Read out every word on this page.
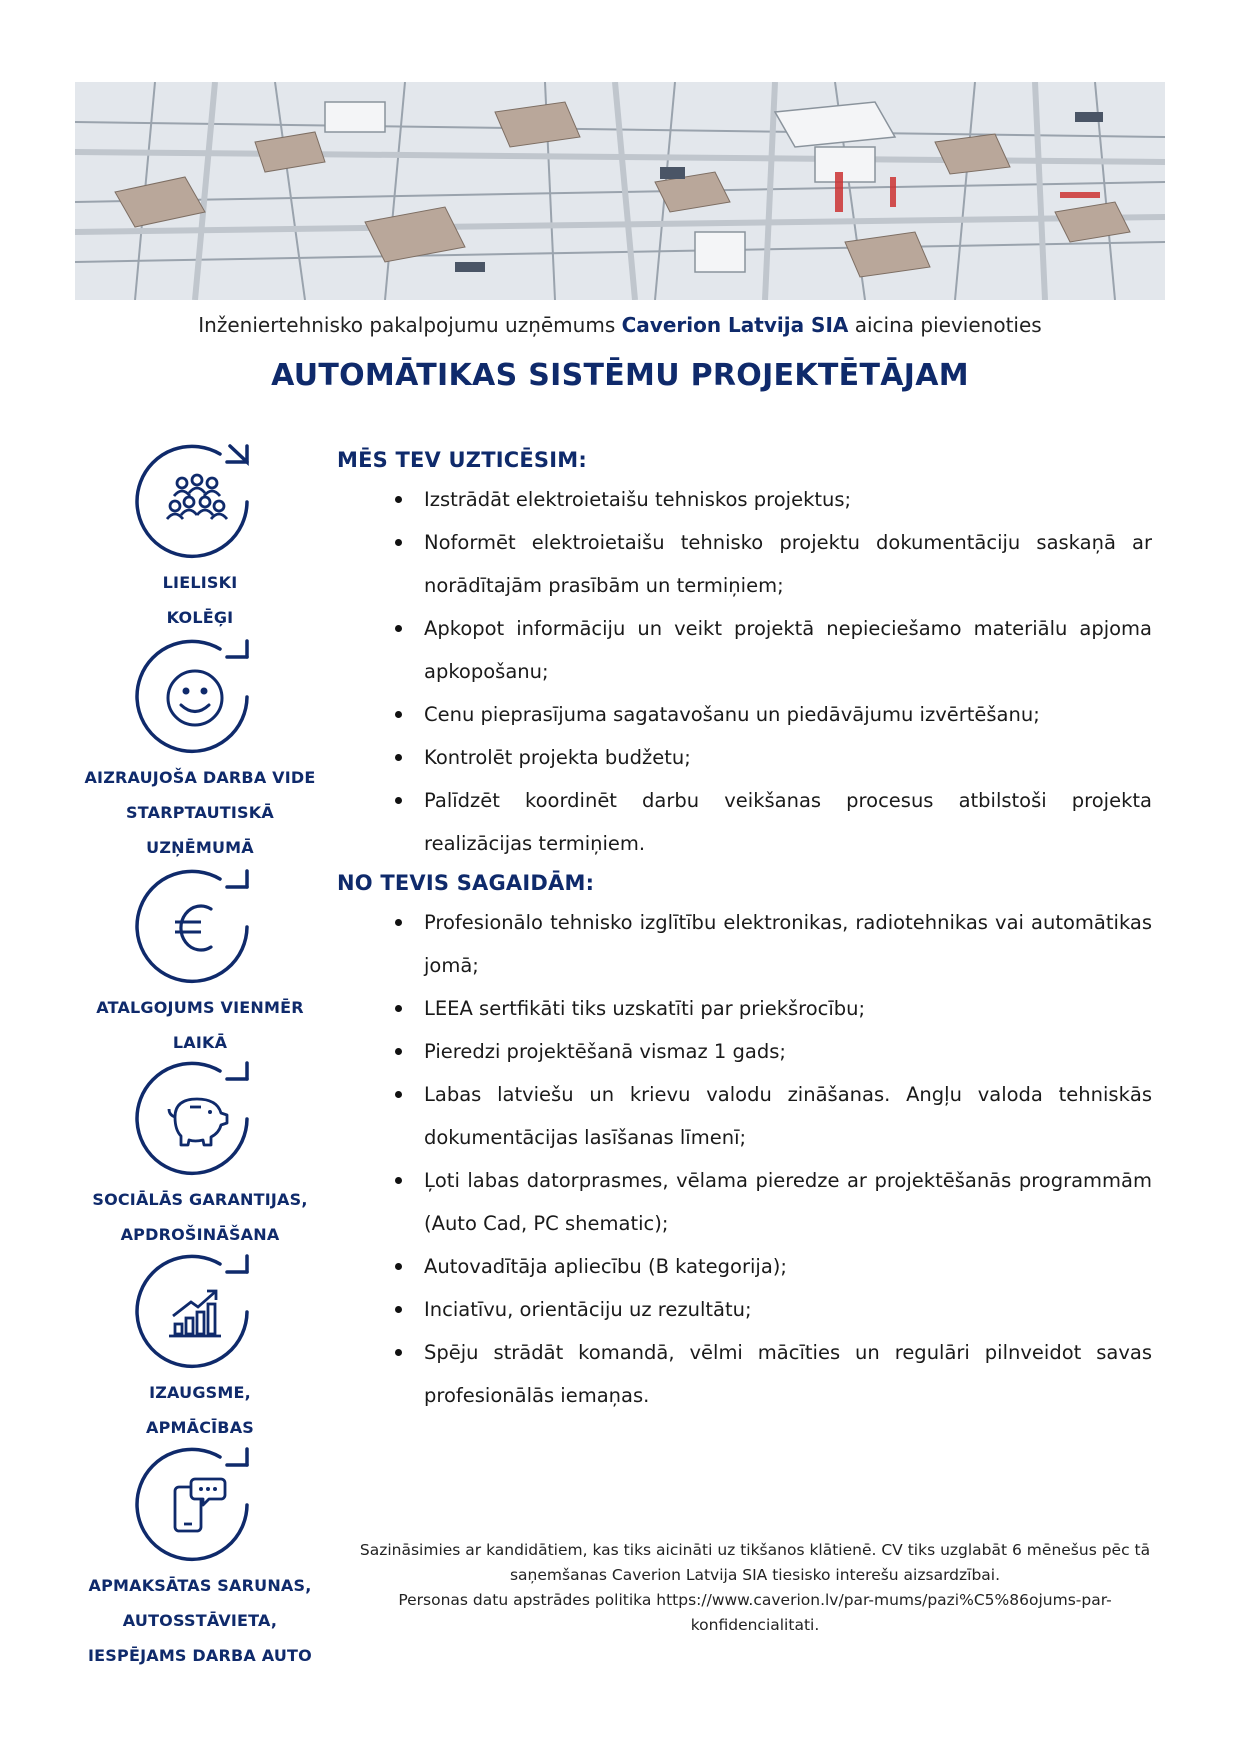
Inženiertehnisko pakalpojumu uzņēmums Caverion Latvija SIA aicina pievienoties
AUTOMĀTIKAS SISTĒMU PROJEKTĒTĀJAM
LIELISKI
KOLĒĢI
AIZRAUJOŠA DARBA VIDE
STARPTAUTISKĀ
UZŅĒMUMĀ
ATALGOJUMS VIENMĒR
LAIKĀ
SOCIĀLĀS GARANTIJAS,
APDROŠINĀŠANA
IZAUGSME,
APMĀCĪBAS
APMAKSĀTAS SARUNAS,
AUTOSSTĀVIETA,
IESPĒJAMS DARBA AUTO
MĒS TEV UZTICĒSIM:
Izstrādāt elektroietaišu tehniskos projektus;
Noformēt elektroietaišu tehnisko projektu dokumentāciju saskaņā ar norādītajām prasībām un termiņiem;
Apkopot informāciju un veikt projektā nepieciešamo materiālu apjoma apkopošanu;
Cenu pieprasījuma sagatavošanu un piedāvājumu izvērtēšanu;
Kontrolēt projekta budžetu;
Palīdzēt koordinēt darbu veikšanas procesus atbilstoši projekta realizācijas termiņiem.
NO TEVIS SAGAIDĀM:
Profesionālo tehnisko izglītību elektronikas, radiotehnikas vai automātikas jomā;
LEEA sertfikāti tiks uzskatīti par priekšrocību;
Pieredzi projektēšanā vismaz 1 gads;
Labas latviešu un krievu valodu zināšanas. Angļu valoda tehniskās dokumentācijas lasīšanas līmenī;
Ļoti labas datorprasmes, vēlama pieredze ar projektēšanās programmām (Auto Cad, PC shematic);
Autovadītāja apliecību (B kategorija);
Inciatīvu, orientāciju uz rezultātu;
Spēju strādāt komandā, vēlmi mācīties un regulāri pilnveidot savas profesionālās iemaņas.
Sazināsimies ar kandidātiem, kas tiks aicināti uz tikšanos klātienē. CV tiks uzglabāt 6 mēnešus pēc tā saņemšanas Caverion Latvija SIA tiesisko interešu aizsardzībai.
Personas datu apstrādes politika https://www.caverion.lv/par-mums/pazi%C5%86ojums-par-konfidencialitati.
